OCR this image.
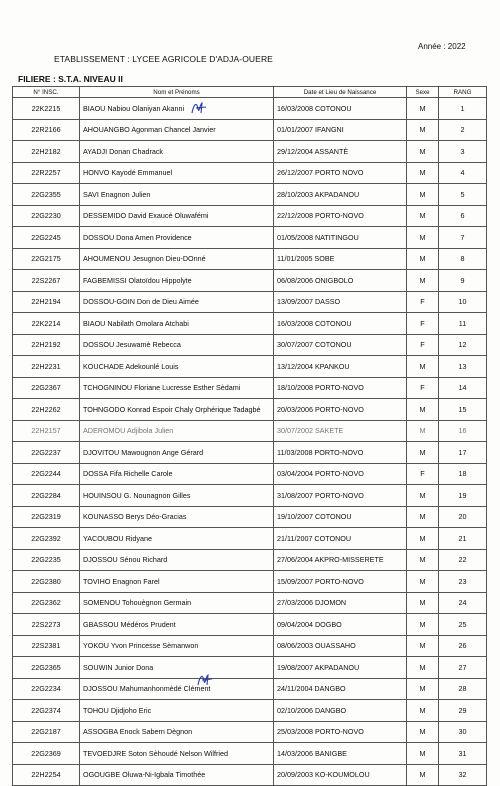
Année : 2022
ETABLISSEMENT : LYCEE AGRICOLE D'ADJA-OUERE
FILIERE : S.T.A. NIVEAU II
N° INSC.	Nom et Prénoms	Date et Lieu de Naissance	Sexe	RANG
22K2215	BIAOU Nabiou Olaniyan Akanni	16/03/2008 COTONOU	M	1
22R2166	AHOUANGBO Agonman Chancel Janvier	01/01/2007 IFANGNI	M	2
22H2182	AYADJI Donan Chadrack	29/12/2004 ASSANTÈ	M	3
22R2257	HONVO Kayodé Emmanuel	26/12/2007 PORTO NOVO	M	4
22G2355	SAVI Enagnon Julien	28/10/2003 AKPADANOU	M	5
22G2230	DESSEMIDO David Exaucé Oluwafémi	22/12/2008 PORTO-NOVO	M	6
22G2245	DOSSOU Dona Amen Providence	01/05/2008 NATITINGOU	M	7
22G2175	AHOUMENOU Jesugnon Dieu-DOnné	11/01/2005 SOBE	M	8
22S2267	FAGBEMISSI Olatoïdou Hippolyte	06/08/2006 ONIGBOLO	M	9
22H2194	DOSSOU-GOIN Don de Dieu Aimée	13/09/2007 DASSO	F	10
22K2214	BIAOU Nabilath Omolara Atchabi	16/03/2008 COTONOU	F	11
22H2192	DOSSOU Jesuwamè Rebecca	30/07/2007 COTONOU	F	12
22H2231	KOUCHADE Adekounlé Louis	13/12/2004 KPANKOU	M	13
22G2367	TCHOGNINOU Floriane Lucresse Esther Sèdami	18/10/2008 PORTO-NOVO	F	14
22H2262	TOHNGODO Konrad Espoir Chaly Orphérique Tadagbé	20/03/2006 PORTO-NOVO	M	15
22H2157	ADEROMOU Adjibola Julien	30/07/2002 SAKETE	M	16
22G2237	DJOVITOU Mawougnon Ange Gérard	11/03/2008 PORTO-NOVO	M	17
22G2244	DOSSA Fifa Richelle Carole	03/04/2004 PORTO-NOVO	F	18
22G2284	HOUINSOU G. Nounagnon Gilles	31/08/2007 PORTO-NOVO	M	19
22G2319	KOUNASSO Berys Déo-Gracias	19/10/2007 COTONOU	M	20
22G2392	YACOUBOU Ridyane	21/11/2007 COTONOU	M	21
22G2235	DJOSSOU Sénou Richard	27/06/2004 AKPRO-MISSERETE	M	22
22G2380	TOVIHO Enagnon Farel	15/09/2007 PORTO-NOVO	M	23
22G2362	SOMENOU Tohouègnon Germain	27/03/2006 DJOMON	M	24
22S2273	GBASSOU Médéros Prudent	09/04/2004 DOGBO	M	25
22S2381	YOKOU Yvon Princesse Sèmanwon	08/06/2003 OUASSAHO	M	26
22G2365	SOUWIN Junior Dona	19/08/2007 AKPADANOU	M	27
22G2234	DJOSSOU Mahumanhonmèdé Clément	24/11/2004 DANGBO	M	28
22G2374	TOHOU Djidjoho Eric	02/10/2006 DANGBO	M	29
22G2187	ASSOGBA Enock Sabern Dègnon	25/03/2008 PORTO-NOVO	M	30
22G2369	TEVOEDJRE Soton Sèhoudé Nelson Wilfried	14/03/2006 BANIGBE	M	31
22H2254	OGOUGBE Oluwa-Ni-Igbala Timothée	20/09/2003 KO-KOUMOLOU	M	32
